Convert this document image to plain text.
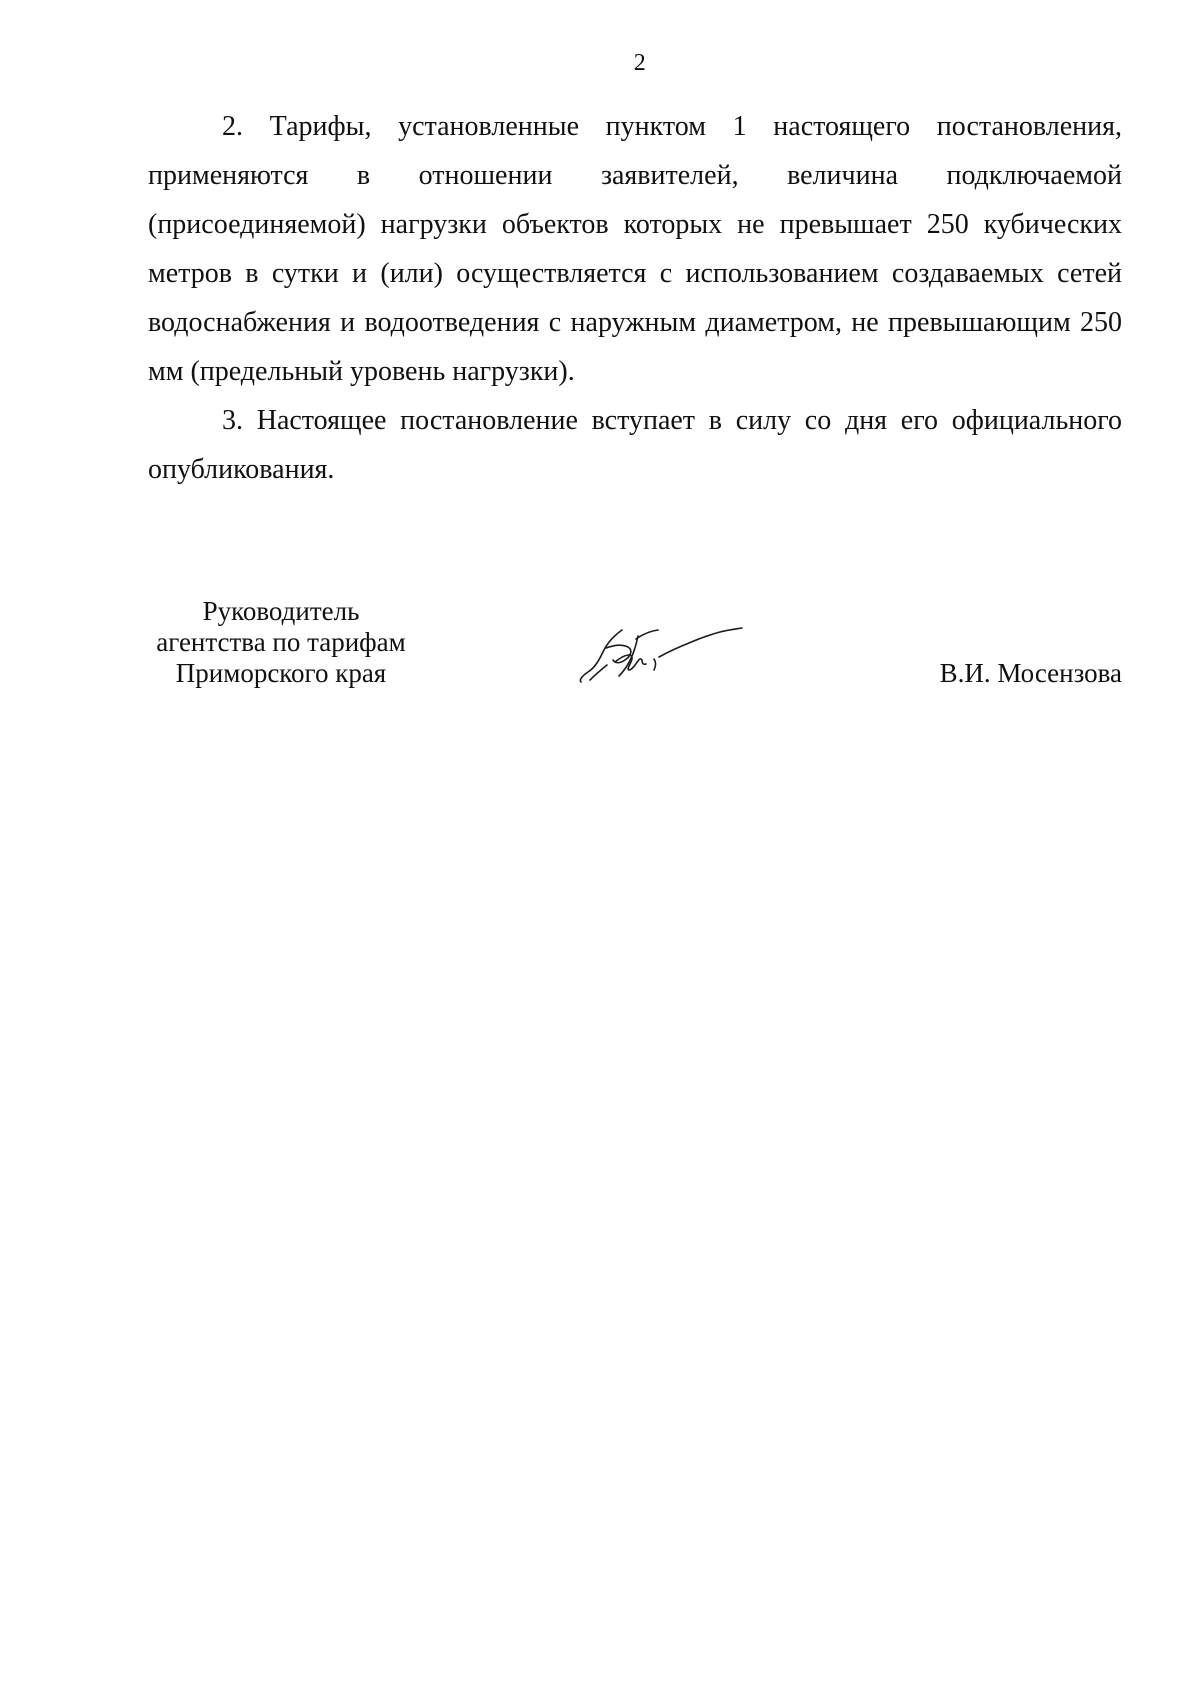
2

2. Тарифы, установленные пунктом 1 настоящего постановления, применяются в отношении заявителей, величина подключаемой (присоединяемой) нагрузки объектов которых не превышает 250 кубических метров в сутки и (или) осуществляется с использованием создаваемых сетей водоснабжения и водоотведения с наружным диаметром, не превышающим 250 мм (предельный уровень нагрузки).

3. Настоящее постановление вступает в силу со дня его официального опубликования.

Руководитель
агентства по тарифам
Приморского края	В.И. Мосензова
